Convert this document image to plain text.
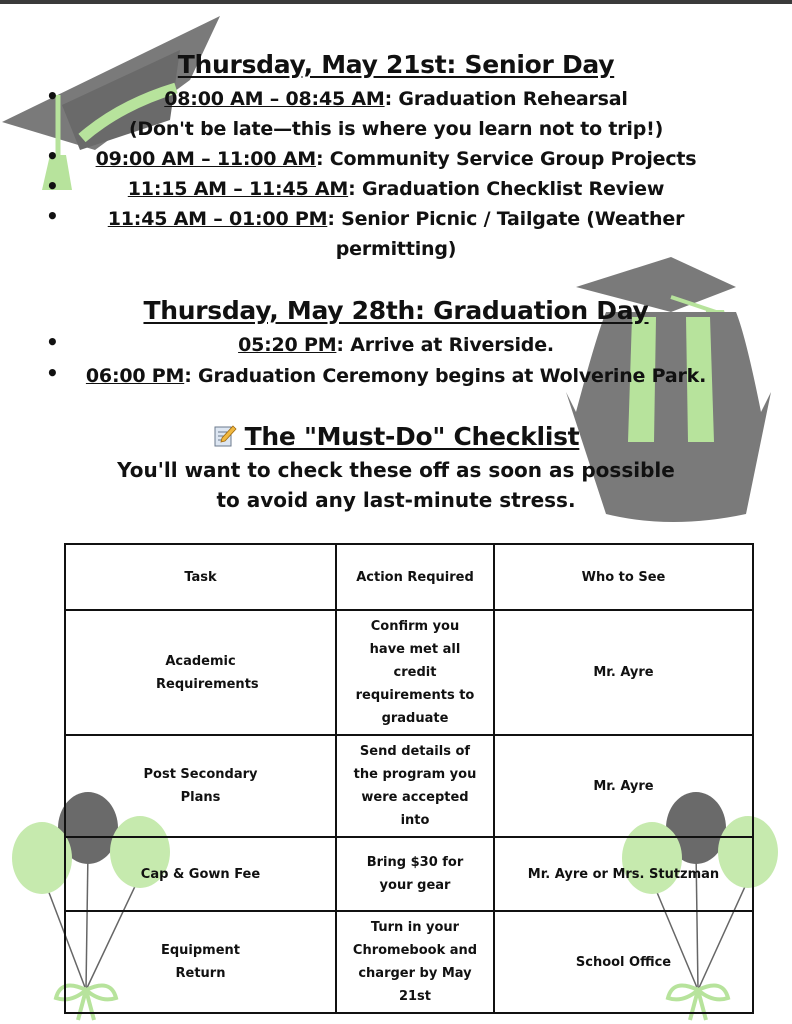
Thursday, May 21st: Senior Day
•	08:00 AM – 08:45 AM: Graduation Rehearsal
(Don't be late—this is where you learn not to trip!)
•	09:00 AM – 11:00 AM: Community Service Group Projects
•	11:15 AM – 11:45 AM: Graduation Checklist Review
•	11:45 AM – 01:00 PM: Senior Picnic / Tailgate (Weather
permitting)
Thursday, May 28th: Graduation Day
•	05:20 PM: Arrive at Riverside.
•	06:00 PM: Graduation Ceremony begins at Wolverine Park.
The "Must-Do" Checklist
You'll want to check these off as soon as possible
to avoid any last-minute stress.
Task	Action Required	Who to See
Academic Requirements	Confirm you have met all credit requirements to graduate	Mr. Ayre
Post Secondary Plans	Send details of the program you were accepted into	Mr. Ayre
Cap & Gown Fee	Bring $30 for your gear	Mr. Ayre or Mrs. Stutzman
Equipment Return	Turn in your Chromebook and charger by May 21st	School Office
